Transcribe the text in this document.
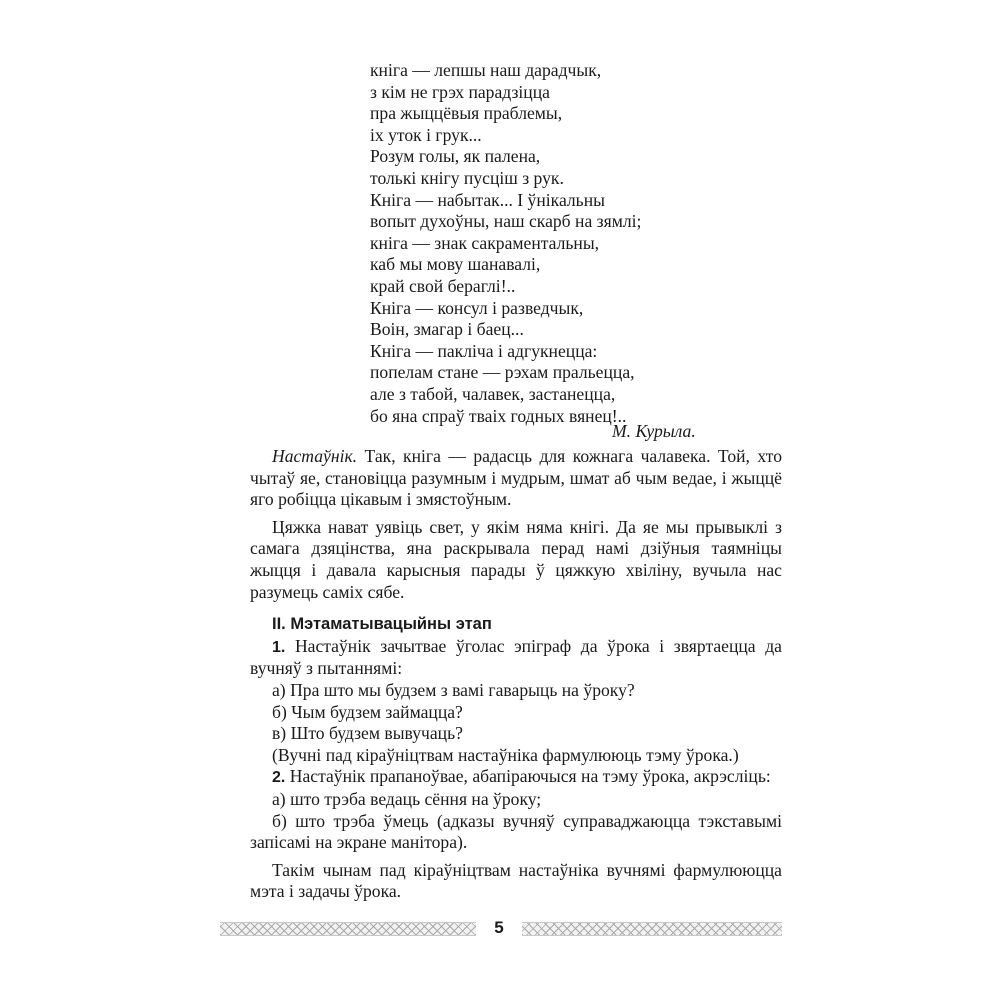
кніга — лепшы наш дарадчык,
з кім не грэх парадзіцца
пра жыццёвыя праблемы,
іх уток і грук...
Розум голы, як палена,
толькі кнігу пусціш з рук.
Кніга — набытак... І ўнікальны
вопыт духоўны, наш скарб на зямлі;
кніга — знак сакраментальны,
каб мы мову шанавалі,
край свой берaглі!..
Кніга — консул і разведчык,
Воін, змагар і баец...
Кніга — пакліча і адгукнецца:
попелам стане — рэхам пральецца,
але з табой, чалавек, застанецца,
бо яна спраў тваіх годных вянец!..
М. Курыла.
Настаўнік. Так, кніга — радасць для кожнага чалавека. Той, хто чытаў яе, становіцца разумным і мудрым, шмат аб чым ведае, і жыццё яго робіцца цікавым і змястоўным.
Цяжка нават уявіць свет, у якім няма кнігі. Да яе мы прывыклі з самага дзяцінства, яна раскрывала перад намі дзіўныя таямніцы жыцця і давала карысныя парады ў цяжкую хвіліну, вучыла нас разумець саміх сябе.
ІІ. Мэтаматывацыйны этап
1. Настаўнік зачытвае ўголас эпіграф да ўрока і звяртаецца да вучняў з пытаннямі:
а) Пра што мы будзем з вамі гаварыць на ўроку?
б) Чым будзем займацца?
в) Што будзем вывучаць?
(Вучні пад кіраўніцтвам настаўніка фармулююць тэму ўрока.)
2. Настаўнік прапаноўвае, абапіраючыся на тэму ўрока, акрэсліць:
а) што трэба ведаць сёння на ўроку;
б) што трэба ўмець (адказы вучняў суправаджаюцца тэкставымі запісамі на экране манітора).
Такім чынам пад кіраўніцтвам настаўніка вучнямі фармулююцца мэта і задачы ўрока.
5
